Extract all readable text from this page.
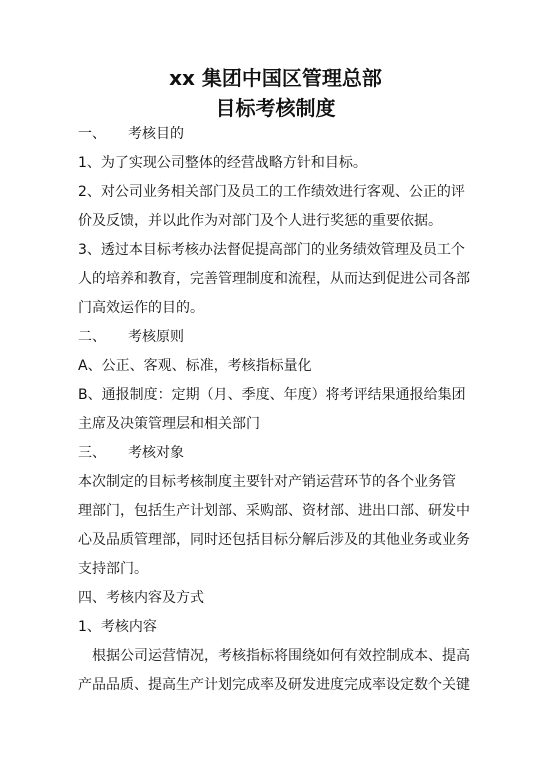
xx 集团中国区管理总部
目标考核制度
一、 考核目的
1、为了实现公司整体的经营战略方针和目标。
2、对公司业务相关部门及员工的工作绩效进行客观、公正的评
价及反馈，并以此作为对部门及个人进行奖惩的重要依据。
3、透过本目标考核办法督促提高部门的业务绩效管理及员工个
人的培养和教育，完善管理制度和流程，从而达到促进公司各部
门高效运作的目的。
二、 考核原则
A、公正、客观、标准，考核指标量化
B、通报制度：定期（月、季度、年度）将考评结果通报给集团
主席及决策管理层和相关部门
三、 考核对象
本次制定的目标考核制度主要针对产销运营环节的各个业务管
理部门，包括生产计划部、采购部、资材部、进出口部、研发中
心及品质管理部，同时还包括目标分解后涉及的其他业务或业务
支持部门。
四、考核内容及方式
1、考核内容
根据公司运营情况，考核指标将围绕如何有效控制成本、提高
产品品质、提高生产计划完成率及研发进度完成率设定数个关键
